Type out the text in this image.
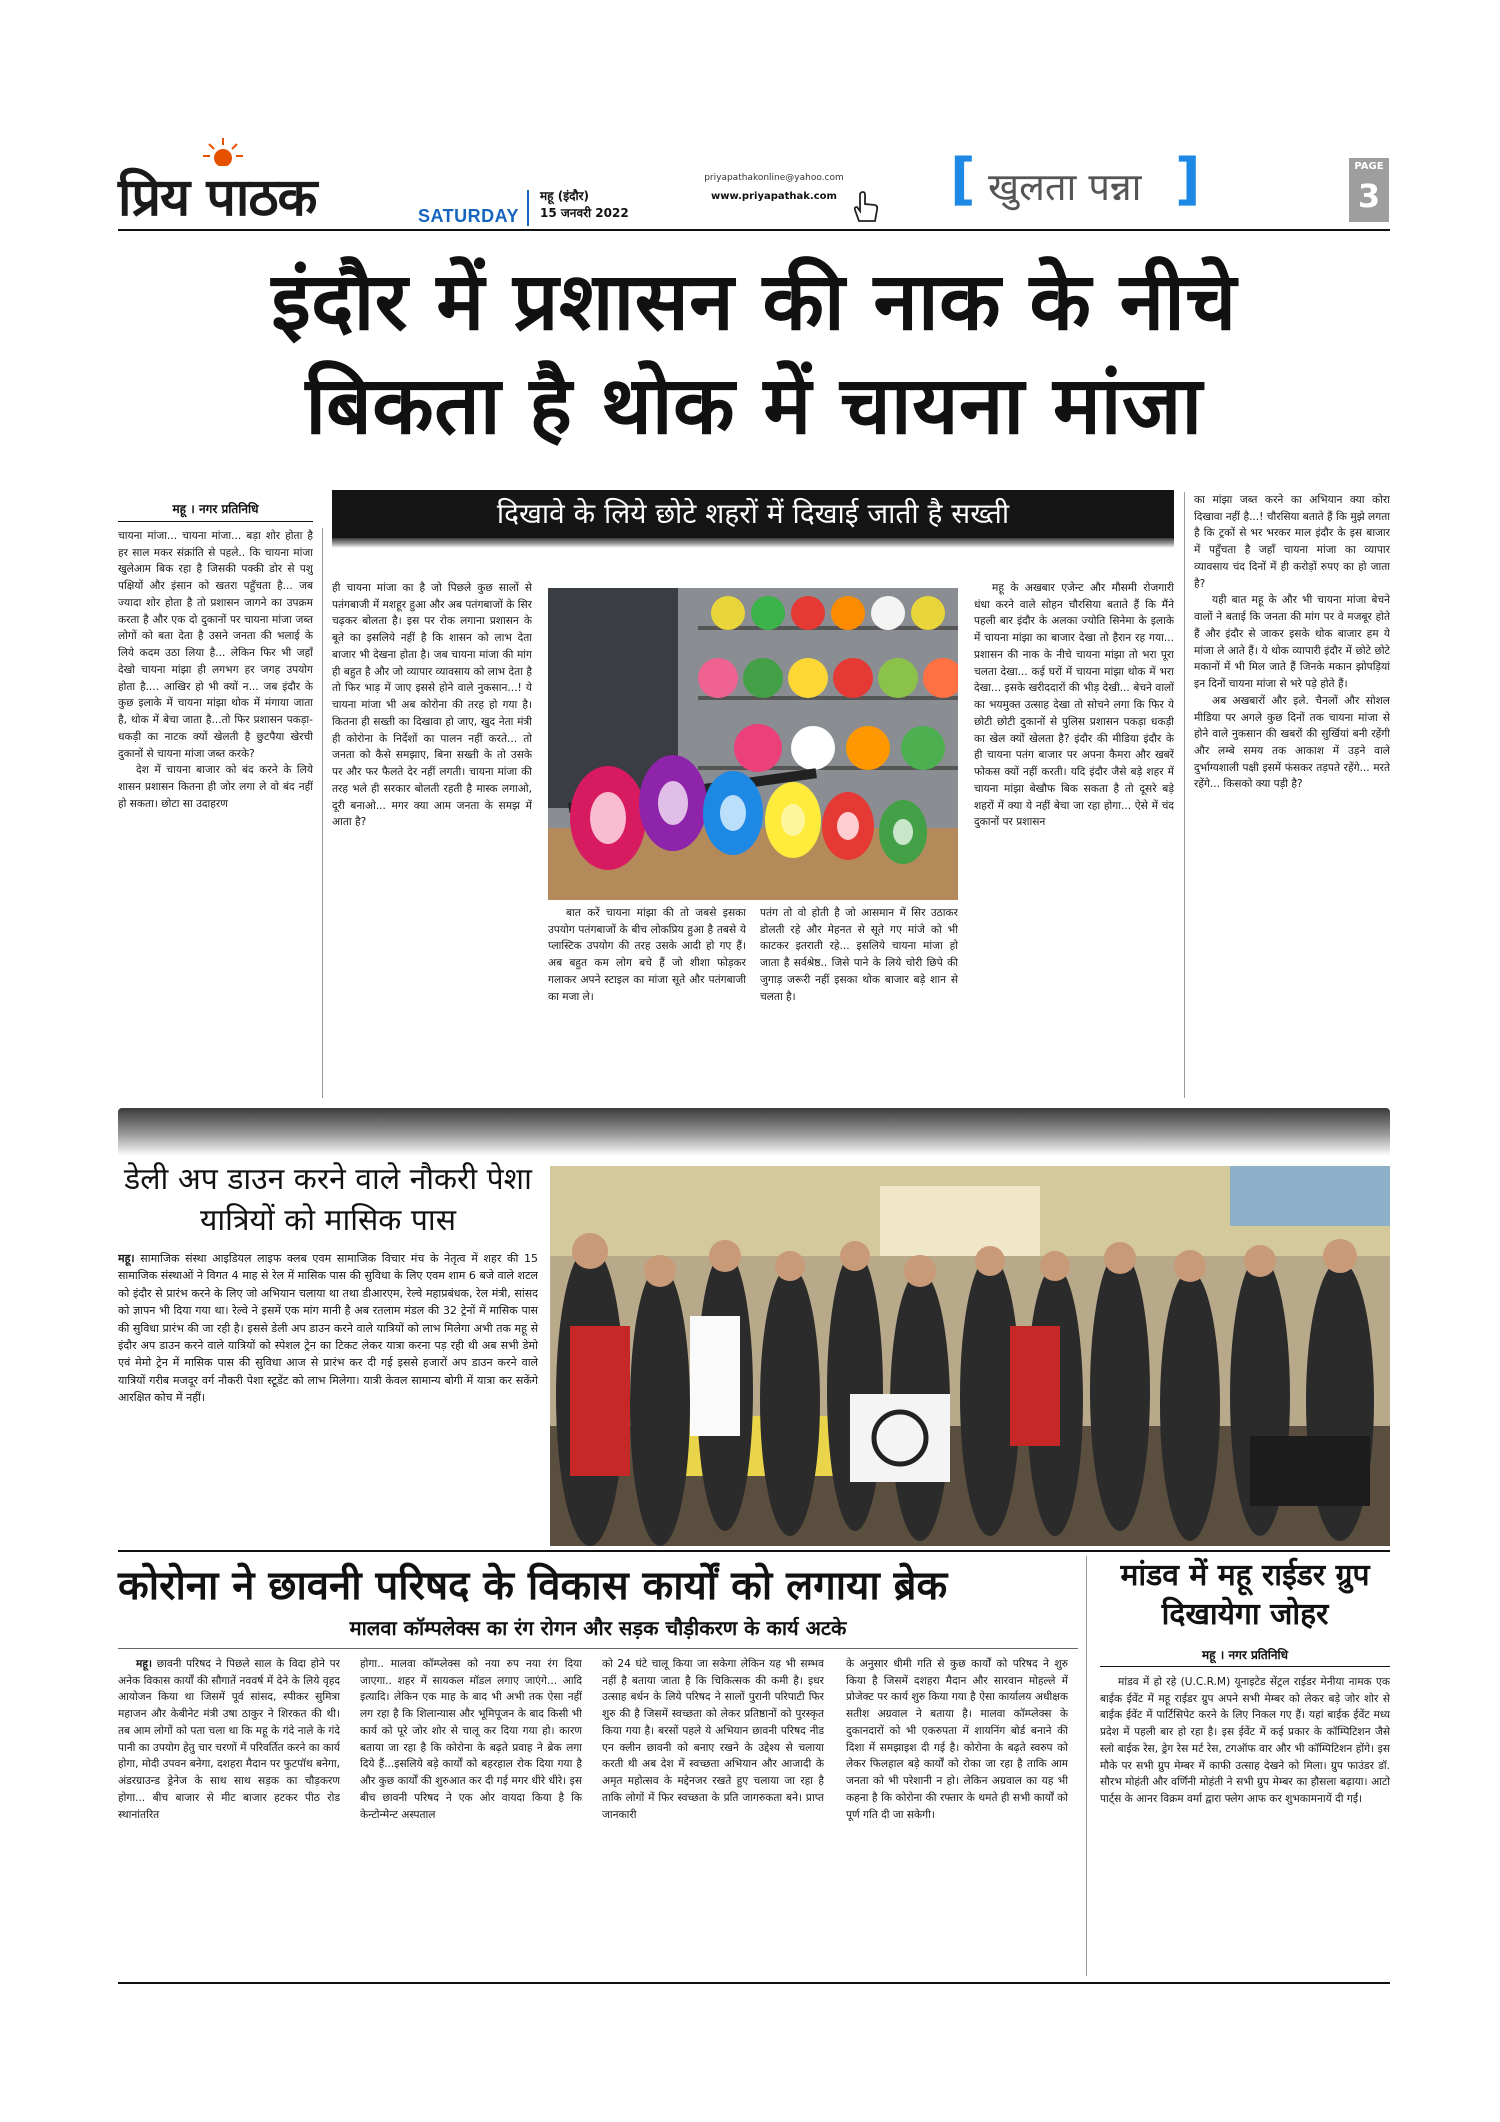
प्रिय पाठक	SATURDAY
महू (इंदौर)
15 जनवरी 2022
priyapathakonline@yahoo.com
www.priyapathak.com	[ खुलता पन्ना ]	PAGE
3
इंदौर में प्रशासन की नाक के नीचे
बिकता है थोक में चायना मांजा
दिखावे के लिये छोटे शहरों में दिखाई जाती है सख्ती
महू । नगर प्रतिनिधि

चायना मांजा... चायना मांजा... बड़ा शोर होता है हर साल मकर संक्रांति से पहले.. कि चायना मांजा खुलेआम बिक रहा है जिसकी पक्की डोर से पशु पक्षियों और इंसान को खतरा पहुँचता है... जब ज्यादा शोर होता है तो प्रशासन जागने का उपक्रम करता है और एक दो दुकानों पर चायना मांजा जब्त लोगों को बता देता है उसने जनता की भलाई के लिये कदम उठा लिया है... लेकिन फिर भी जहाँ देखो चायना मांझा ही लगभग हर जगह उपयोग होता है.... आखिर हो भी क्यों न... जब इंदौर के कुछ इलाके में चायना मांझा थोक में मंगाया जाता है, थोक में बेचा जाता है...तो फिर प्रशासन पकड़ा- धकड़ी का नाटक क्यों खेलती है छुटपैया खेरची दुकानों से चायना मांजा जब्त करके?

देश में चायना बाजार को बंद करने के लिये शासन प्रशासन कितना ही जोर लगा ले वो बंद नहीं हो सकता। छोटा सा उदाहरण

ही चायना मांजा का है जो पिछले कुछ सालों से पतंगबाजी में मशहूर हुआ और अब पतंगबाजों के सिर चढ़कर बोलता है। इस पर रोक लगाना प्रशासन के बूते का इसलिये नहीं है कि शासन को लाभ देता बाजार भी देखना होता है। जब चायना मांजा की मांग ही बहुत है और जो व्यापार व्यावसाय को लाभ देता है तो फिर भाड़ में जाए इससे होने वाले नुकसान...! ये चायना मांजा भी अब कोरोना की तरह हो गया है। कितना ही सख्ती का दिखावा हो जाए, खुद नेता मंत्री ही कोरोना के निर्देशों का पालन नहीं करते... तो जनता को कैसे समझाए, बिना सख्ती के तो उसके पर और फर फैलते देर नहीं लगती। चायना मांजा की तरह भले ही सरकार बोलती रहती है मास्क लगाओ, दूरी बनाओ... मगर क्या आम जनता के समझ में आता है?

बात करें चायना मांझा की तो जबसे इसका उपयोग पतंगबाजों के बीच लोकप्रिय हुआ है तबसे ये प्लास्टिक उपयोग की तरह उसके आदी हो गए हैं। अब बहुत कम लोग बचे हैं जो शीशा फोड़कर गलाकर अपने स्टाइल का मांजा सूते और पतंगबाजी का मजा ले।

पतंग तो वो होती है जो आसमान में सिर उठाकर डोलती रहे और मेहनत से सूते गए मांजे को भी काटकर इतराती रहे... इसलिये चायना मांजा हो जाता है सर्वश्रेष्ठ.. जिसे पाने के लिये चोरी छिपे की जुगाड़ जरूरी नहीं इसका थोक बाजार बड़े शान से चलता है।

महू के अखबार एजेन्ट और मौसमी रोजगारी धंधा करने वाले सोहन चौरसिया बताते हैं कि मैंने पहली बार इंदौर के अलका ज्योति सिनेमा के इलाके में चायना मांझा का बाजार देखा तो हैरान रह गया... प्रशासन की नाक के नीचे चायना मांझा तो भरा पूरा चलता देखा... कई घरों में चायना मांझा थोक में भरा देखा... इसके खरीददारों की भीड़ देखी... बेचने वालों का भयमुक्त उत्साह देखा तो सोचने लगा कि फिर ये छोटी छोटी दुकानों से पुलिस प्रशासन पकड़ा धकड़ी का खेल क्यों खेलता है? इंदौर की मीडिया इंदौर के ही चायना पतंग बाजार पर अपना कैमरा और खबरें फोकस क्यों नहीं करती। यदि इंदौर जैसे बड़े शहर में चायना मांझा बेखौफ बिक सकता है तो दूसरे बड़े शहरों में क्या ये नहीं बेचा जा रहा होगा... ऐसे में चंद दुकानों पर प्रशासन

का मांझा जब्त करने का अभियान क्या कोरा दिखावा नहीं है...! चौरसिया बताते हैं कि मुझे लगता है कि ट्रकों से भर भरकर माल इंदौर के इस बाजार में पहुँचता है जहाँ चायना मांजा का व्यापार व्यावसाय चंद दिनों में ही करोड़ों रुपए का हो जाता है?

यही बात महू के और भी चायना मांजा बेचने वालों ने बताई कि जनता की मांग पर वे मजबूर होते हैं और इंदौर से जाकर इसके थोक बाजार हम ये मांजा ले आते हैं। ये थोक व्यापारी इंदौर में छोटे छोटे मकानों में भी मिल जाते हैं जिनके मकान झोपड़ियां इन दिनों चायना मांजा से भरे पड़े होते हैं।

अब अखबारों और इले. चैनलों और सोशल मीडिया पर अगले कुछ दिनों तक चायना मांजा से होने वाले नुकसान की खबरों की सुर्खियां बनी रहेंगी और लम्बे समय तक आकाश में उड़ने वाले दुर्भाग्यशाली पक्षी इसमें फंसकर तड़पते रहेंगे... मरते रहेंगे... किसको क्या पड़ी है?

डेली अप डाउन करने वाले नौकरी पेशा यात्रियों को मासिक पास

महू। सामाजिक संस्था आइडियल लाइफ क्लब एवम सामाजिक विचार मंच के नेतृत्व में शहर की 15 सामाजिक संस्थाओं ने विगत 4 माह से रेल में मासिक पास की सुविधा के लिए एवम शाम 6 बजे वाले शटल को इंदौर से प्रारंभ करने के लिए जो अभियान चलाया था तथा डीआरएम, रेल्वे महाप्रबंधक, रेल मंत्री, सांसद को ज्ञापन भी दिया गया था। रेल्वे ने इसमें एक मांग मानी है अब रतलाम मंडल की 32 ट्रेनों में मासिक पास की सुविधा प्रारंभ की जा रही है। इससे डेली अप डाउन करने वाले यात्रियों को लाभ मिलेगा अभी तक महू से इंदौर अप डाउन करने वाले यात्रियों को स्पेशल ट्रेन का टिकट लेकर यात्रा करना पड़ रही थी अब सभी डेमो एवं मेमो ट्रेन में मासिक पास की सुविधा आज से प्रारंभ कर दी गई इससे हजारों अप डाउन करने वाले यात्रियों गरीब मजदूर वर्ग नौकरी पेशा स्टूडेंट को लाभ मिलेगा। यात्री केवल सामान्य बोगी में यात्रा कर सकेंगे आरक्षित कोच में नहीं।

कोरोना ने छावनी परिषद के विकास कार्यों को लगाया ब्रेक
मालवा कॉम्पलेक्स का रंग रोगन और सड़क चौड़ीकरण के कार्य अटके

महू। छावनी परिषद ने पिछले साल के विदा होने पर अनेक विकास कार्यों की सौगातें नववर्ष में देने के लिये वृहद आयोजन किया था जिसमें पूर्व सांसद, स्पीकर सुमित्रा महाजन और केबीनेट मंत्री उषा ठाकुर ने शिरकत की थी। तब आम लोगों को पता चला था कि महू के गंदे नाले के गंदे पानी का उपयोग हेतु चार चरणों में परिवर्तित करने का कार्य होगा, मोदी उपवन बनेगा, दशहरा मैदान पर फुटपॉथ बनेगा, अंडरग्राउन्ड ड्रेनेज के साथ साथ सड़क का चौड़करण होगा... बीच बाजार से मीट बाजार हटकर पीठ रोड स्थानांतरित

होगा.. मालवा कॉम्प्लेक्स को नया रुप नया रंग दिया जाएगा.. शहर में सायकल मॉडल लगाए जाएंगे... आदि इत्यादि। लेकिन एक माह के बाद भी अभी तक ऐसा नहीं लग रहा है कि शिलान्यास और भूमिपूजन के बाद किसी भी कार्य को पूरे जोर शोर से चालू कर दिया गया हो। कारण बताया जा रहा है कि कोरोना के बढ़ते प्रवाह ने ब्रेक लगा दिये हैं...इसलिये बड़े कार्यों को बहरहाल रोक दिया गया है और कुछ कार्यों की शुरुआत कर दी गई मगर धीरे धीरे। इस बीच छावनी परिषद ने एक ओर वायदा किया है कि केन्टोन्मेन्ट अस्पताल

को 24 घंटे चालू किया जा सकेगा लेकिन यह भी सम्भव नहीं है बताया जाता है कि चिकित्सक की कमी है। इधर उत्साह बर्धन के लिये परिषद ने सालों पुरानी परिपाटी फिर शुरु की है जिसमें स्वच्छता को लेकर प्रतिष्ठानों को पुरस्कृत किया गया है। बरसों पहले ये अभियान छावनी परिषद नीड एन क्लीन छावनी को बनाए रखने के उद्देश्य से चलाया करती थी अब देश में स्वच्छता अभियान और आजादी के अमृत महोत्सव के मद्देनजर रखते हुए चलाया जा रहा है ताकि लोगों में फिर स्वच्छता के प्रति जागरुकता बने। प्राप्त जानकारी

के अनुसार धीमी गति से कुछ कार्यों को परिषद ने शुरु किया है जिसमें दशहरा मैदान और सारवान मोहल्ले में प्रोजेक्ट पर कार्य शुरु किया गया है ऐसा कार्यालय अधीक्षक सतीश अग्रवाल ने बताया है। मालवा कॉम्प्लेक्स के दुकानदारों को भी एकरुपता में शायनिंग बोर्ड बनाने की दिशा में समझाइश दी गई है। कोरोना के बढ़ते स्वरुप को लेकर फिलहाल बड़े कार्यों को रोका जा रहा है ताकि आम जनता को भी परेशानी न हो। लेकिन अग्रवाल का यह भी कहना है कि कोरोना की रफ्तार के थमते ही सभी कार्यों को पूर्ण गति दी जा सकेगी।

मांडव में महू राईडर ग्रुप दिखायेगा जोहर
महू । नगर प्रतिनिधि

मांडव में हो रहे (U.C.R.M) यूनाइटेड सेंट्रल राईडर मेनीया नामक एक बाईक ईवेंट में महू राईडर ग्रुप अपने सभी मेम्बर को लेकर बड़े जोर शोर से बाईक ईवेंट में पार्टिसिपेट करने के लिए निकल गए हैं। यहां बाईक ईवेंट मध्य प्रदेश में पहली बार हो रहा है। इस ईवेंट में कई प्रकार के कॉम्पिटिशन जैसे स्लो बाईक रेस, ड्रेग रेस मर्ट रेस, टगऑफ वार और भी कॉम्पिटिशन होंगे। इस मौके पर सभी ग्रुप मेम्बर में काफी उत्साह देखने को मिला। ग्रुप फाउंडर डॉ. सौरभ मोहंती और वर्णिनी मोहंती ने सभी ग्रुप मेम्बर का हौसला बढ़ाया। आटो पार्ट्स के आनर विक्रम वर्मा द्वारा फ्लेग आफ कर शुभकामनायें दी गईं।
